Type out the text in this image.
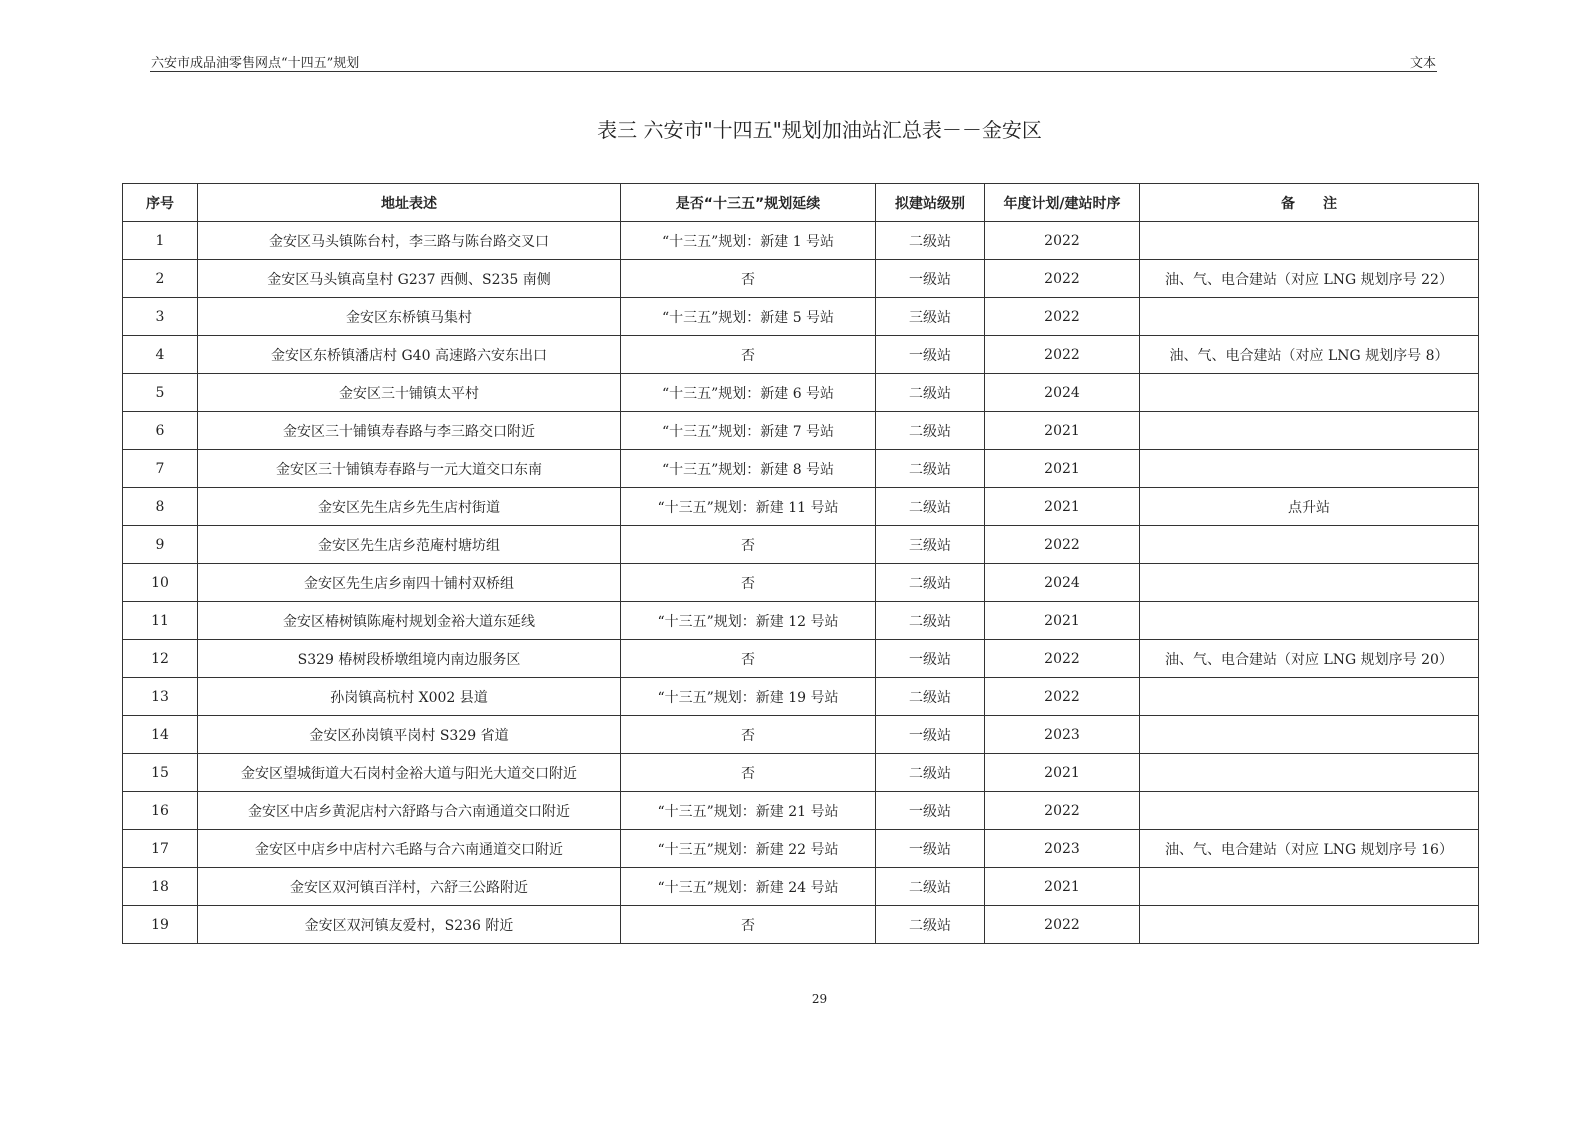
六安市成品油零售网点“十四五”规划	文本
表三 六安市"十四五"规划加油站汇总表－－金安区
序号	地址表述	是否“十三五”规划延续	拟建站级别	年度计划/建站时序	备　　注
1	金安区马头镇陈台村，李三路与陈台路交叉口	“十三五”规划：新建 1 号站	二级站	2022	
2	金安区马头镇高皇村 G237 西侧、S235 南侧	否	一级站	2022	油、气、电合建站（对应 LNG 规划序号 22）
3	金安区东桥镇马集村	“十三五”规划：新建 5 号站	三级站	2022	
4	金安区东桥镇潘店村 G40 高速路六安东出口	否	一级站	2022	油、气、电合建站（对应 LNG 规划序号 8）
5	金安区三十铺镇太平村	“十三五”规划：新建 6 号站	二级站	2024	
6	金安区三十铺镇寿春路与李三路交口附近	“十三五”规划：新建 7 号站	二级站	2021	
7	金安区三十铺镇寿春路与一元大道交口东南	“十三五”规划：新建 8 号站	二级站	2021	
8	金安区先生店乡先生店村街道	“十三五”规划：新建 11 号站	二级站	2021	点升站
9	金安区先生店乡范庵村塘坊组	否	三级站	2022	
10	金安区先生店乡南四十铺村双桥组	否	二级站	2024	
11	金安区椿树镇陈庵村规划金裕大道东延线	“十三五”规划：新建 12 号站	二级站	2021	
12	S329 椿树段桥墩组境内南边服务区	否	一级站	2022	油、气、电合建站（对应 LNG 规划序号 20）
13	孙岗镇高杭村 X002 县道	“十三五”规划：新建 19 号站	二级站	2022	
14	金安区孙岗镇平岗村 S329 省道	否	一级站	2023	
15	金安区望城街道大石岗村金裕大道与阳光大道交口附近	否	二级站	2021	
16	金安区中店乡黄泥店村六舒路与合六南通道交口附近	“十三五”规划：新建 21 号站	一级站	2022	
17	金安区中店乡中店村六毛路与合六南通道交口附近	“十三五”规划：新建 22 号站	一级站	2023	油、气、电合建站（对应 LNG 规划序号 16）
18	金安区双河镇百洋村，六舒三公路附近	“十三五”规划：新建 24 号站	二级站	2021	
19	金安区双河镇友爱村，S236 附近	否	二级站	2022	
29
